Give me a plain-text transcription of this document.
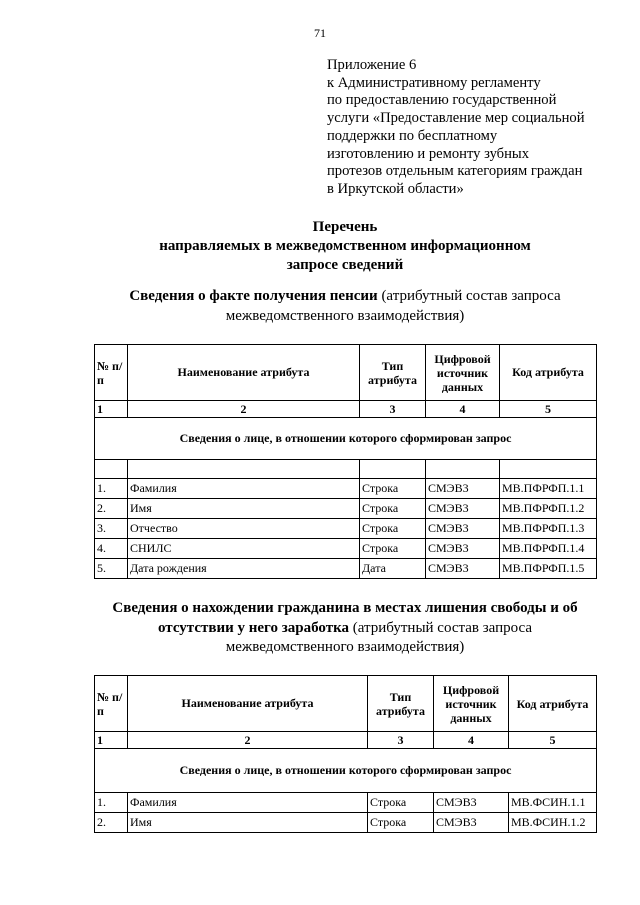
71
Приложение 6
к Административному регламенту
по предоставлению государственной
услуги «Предоставление мер социальной
поддержки по бесплатному
изготовлению и ремонту зубных
протезов отдельным категориям граждан
в Иркутской области»
Перечень
направляемых в межведомственном информационном
запросе сведений
Сведения о факте получения пенсии (атрибутный состав запроса
межведомственного взаимодействия)
№ п/п	Наименование атрибута	Тип атрибута	Цифровой источник данных	Код атрибута
1	2	3	4	5
Сведения о лице, в отношении которого сформирован запрос				

1.	Фамилия	Строка	СМЭВ3	МВ.ПФРФП.1.1
2.	Имя	Строка	СМЭВ3	МВ.ПФРФП.1.2
3.	Отчество	Строка	СМЭВ3	МВ.ПФРФП.1.3
4.	СНИЛС	Строка	СМЭВ3	МВ.ПФРФП.1.4
5.	Дата рождения	Дата	СМЭВ3	МВ.ПФРФП.1.5
Сведения о нахождении гражданина в местах лишения свободы и об
отсутствии у него заработка (атрибутный состав запроса
межведомственного взаимодействия)
№ п/п	Наименование атрибута	Тип атрибута	Цифровой источник данных	Код атрибута
1	2	3	4	5
Сведения о лице, в отношении которого сформирован запрос				
1.	Фамилия	Строка	СМЭВ3	МВ.ФСИН.1.1
2.	Имя	Строка	СМЭВ3	МВ.ФСИН.1.2
